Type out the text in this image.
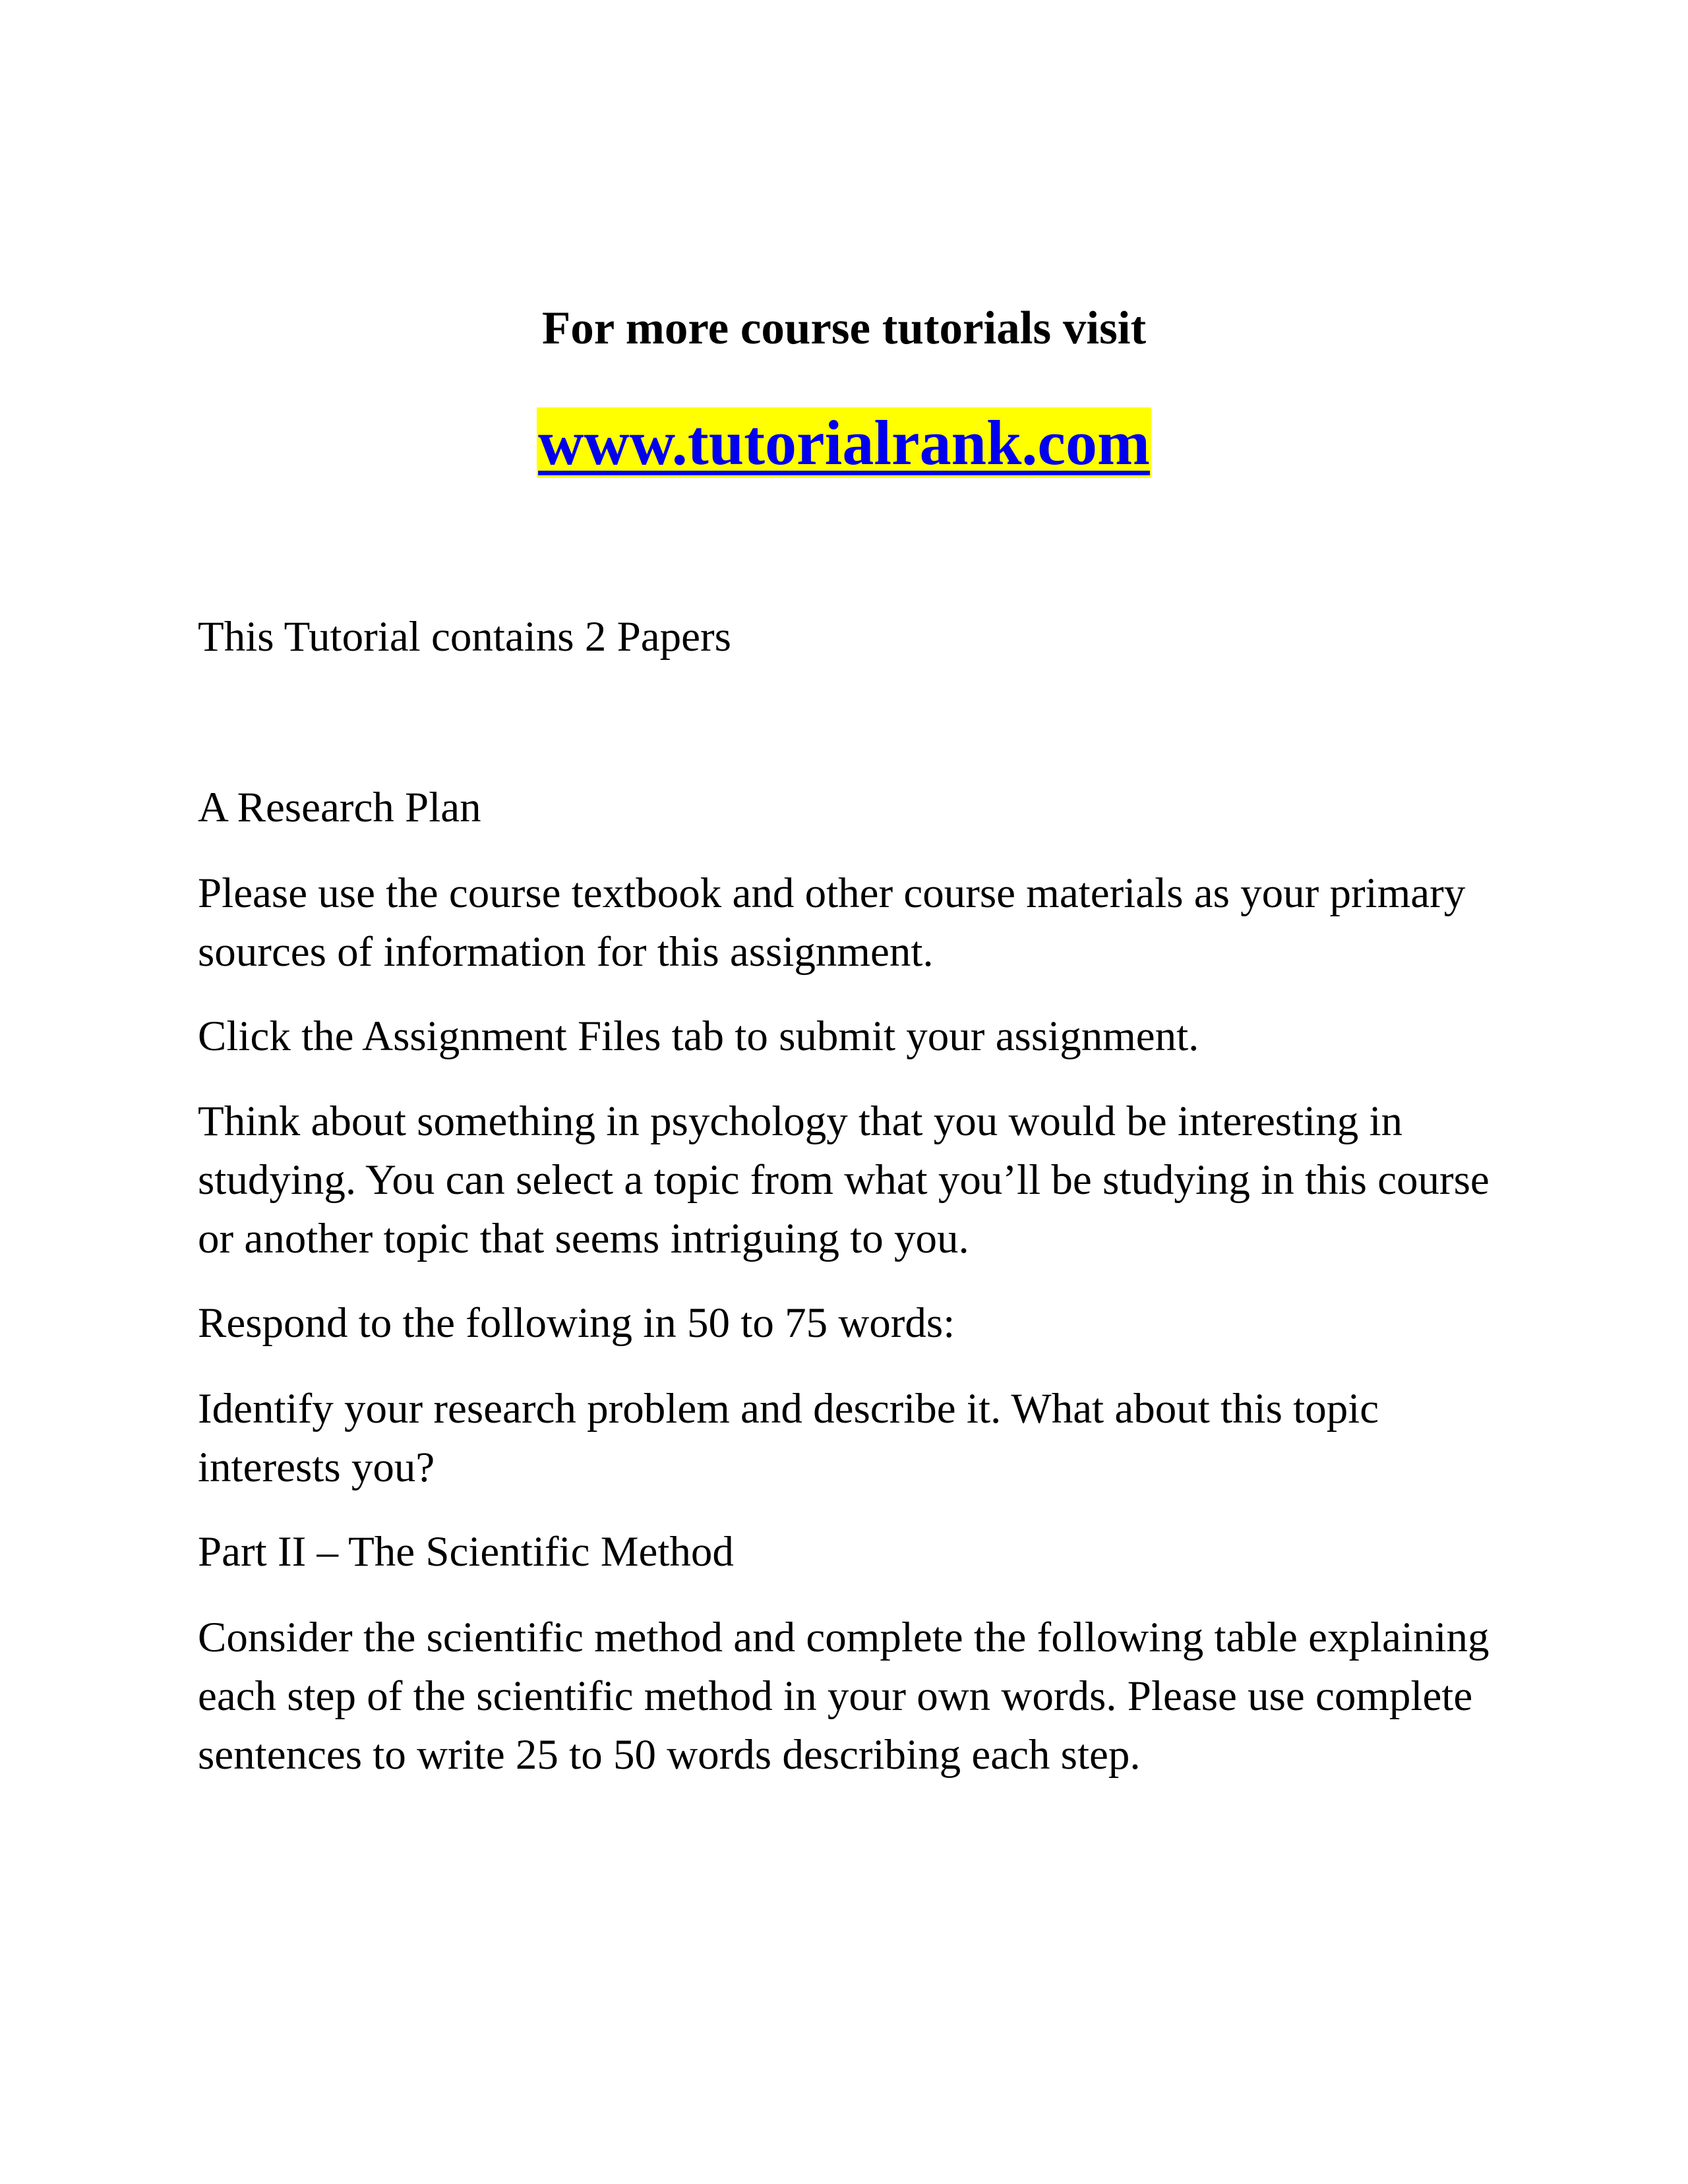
For more course tutorials visit
www.tutorialrank.com

This Tutorial contains 2 Papers

A Research Plan

Please use the course textbook and other course materials as your primary sources of information for this assignment.

Click the Assignment Files tab to submit your assignment.

Think about something in psychology that you would be interesting in studying. You can select a topic from what you’ll be studying in this course or another topic that seems intriguing to you.

Respond to the following in 50 to 75 words:

Identify your research problem and describe it. What about this topic interests you?

Part II – The Scientific Method

Consider the scientific method and complete the following table explaining each step of the scientific method in your own words. Please use complete sentences to write 25 to 50 words describing each step.
